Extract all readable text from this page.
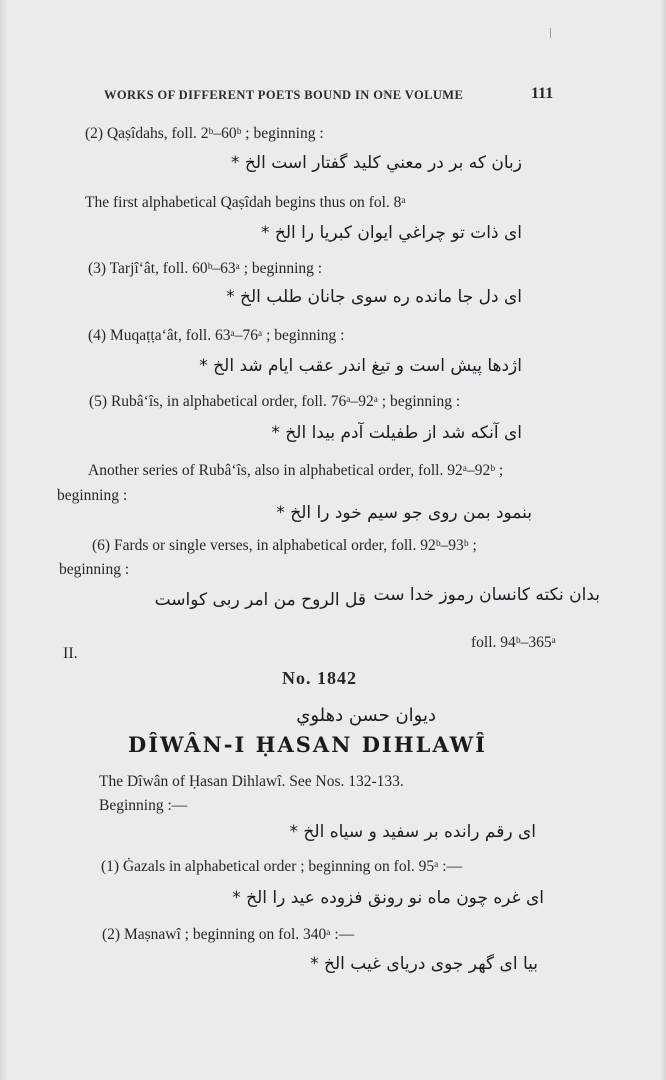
WORKS OF DIFFERENT POETS BOUND IN ONE VOLUME	111
(2) Qaṣîdahs, foll. 2ᵇ–60ᵇ ; beginning :
زبان که بر در معني کلید گفتار است الخ *
The first alphabetical Qaṣîdah begins thus on fol. 8ᵃ
ای ذات تو چراغي ایوان کبریا را الخ *
(3) Tarjî‘ât, foll. 60ᵇ–63ᵃ ; beginning :
ای دل جا مانده ره سوی جانان طلب الخ *
(4) Muqaṭṭa‘ât, foll. 63ᵃ–76ᵃ ; beginning :
اژدها پیش است و تیغ اندر عقب ایام شد الخ *
(5) Rubâ‘îs, in alphabetical order, foll. 76ᵃ–92ᵃ ; beginning :
ای آنکه شد از طفیلت آدم بیدا الخ *
Another series of Rubâ‘îs, also in alphabetical order, foll. 92ᵃ–92ᵇ ;
beginning :
بنمود بمن روی جو سیم خود را الخ *
(6) Fards or single verses, in alphabetical order, foll. 92ᵇ–93ᵇ ;
beginning :
بدان نکته کانسان رموز خدا ست
قل الروح من امر ربی کواست
II.
foll. 94ᵇ–365ᵃ
No. 1842
دیوان حسن دهلوي
DÎWÂN-I ḤASAN DIHLAWÎ
The Dîwân of Ḥasan Dihlawî. See Nos. 132-133.
Beginning :—
ای رقم رانده بر سفید و سیاه الخ *
(1) Ġazals in alphabetical order ; beginning on fol. 95ᵃ :—
ای غره چون ماه نو رونق فزوده عید را الخ *
(2) Maṣnawî ; beginning on fol. 340ᵃ :—
بیا ای گهر جوی دریای غیب الخ *
